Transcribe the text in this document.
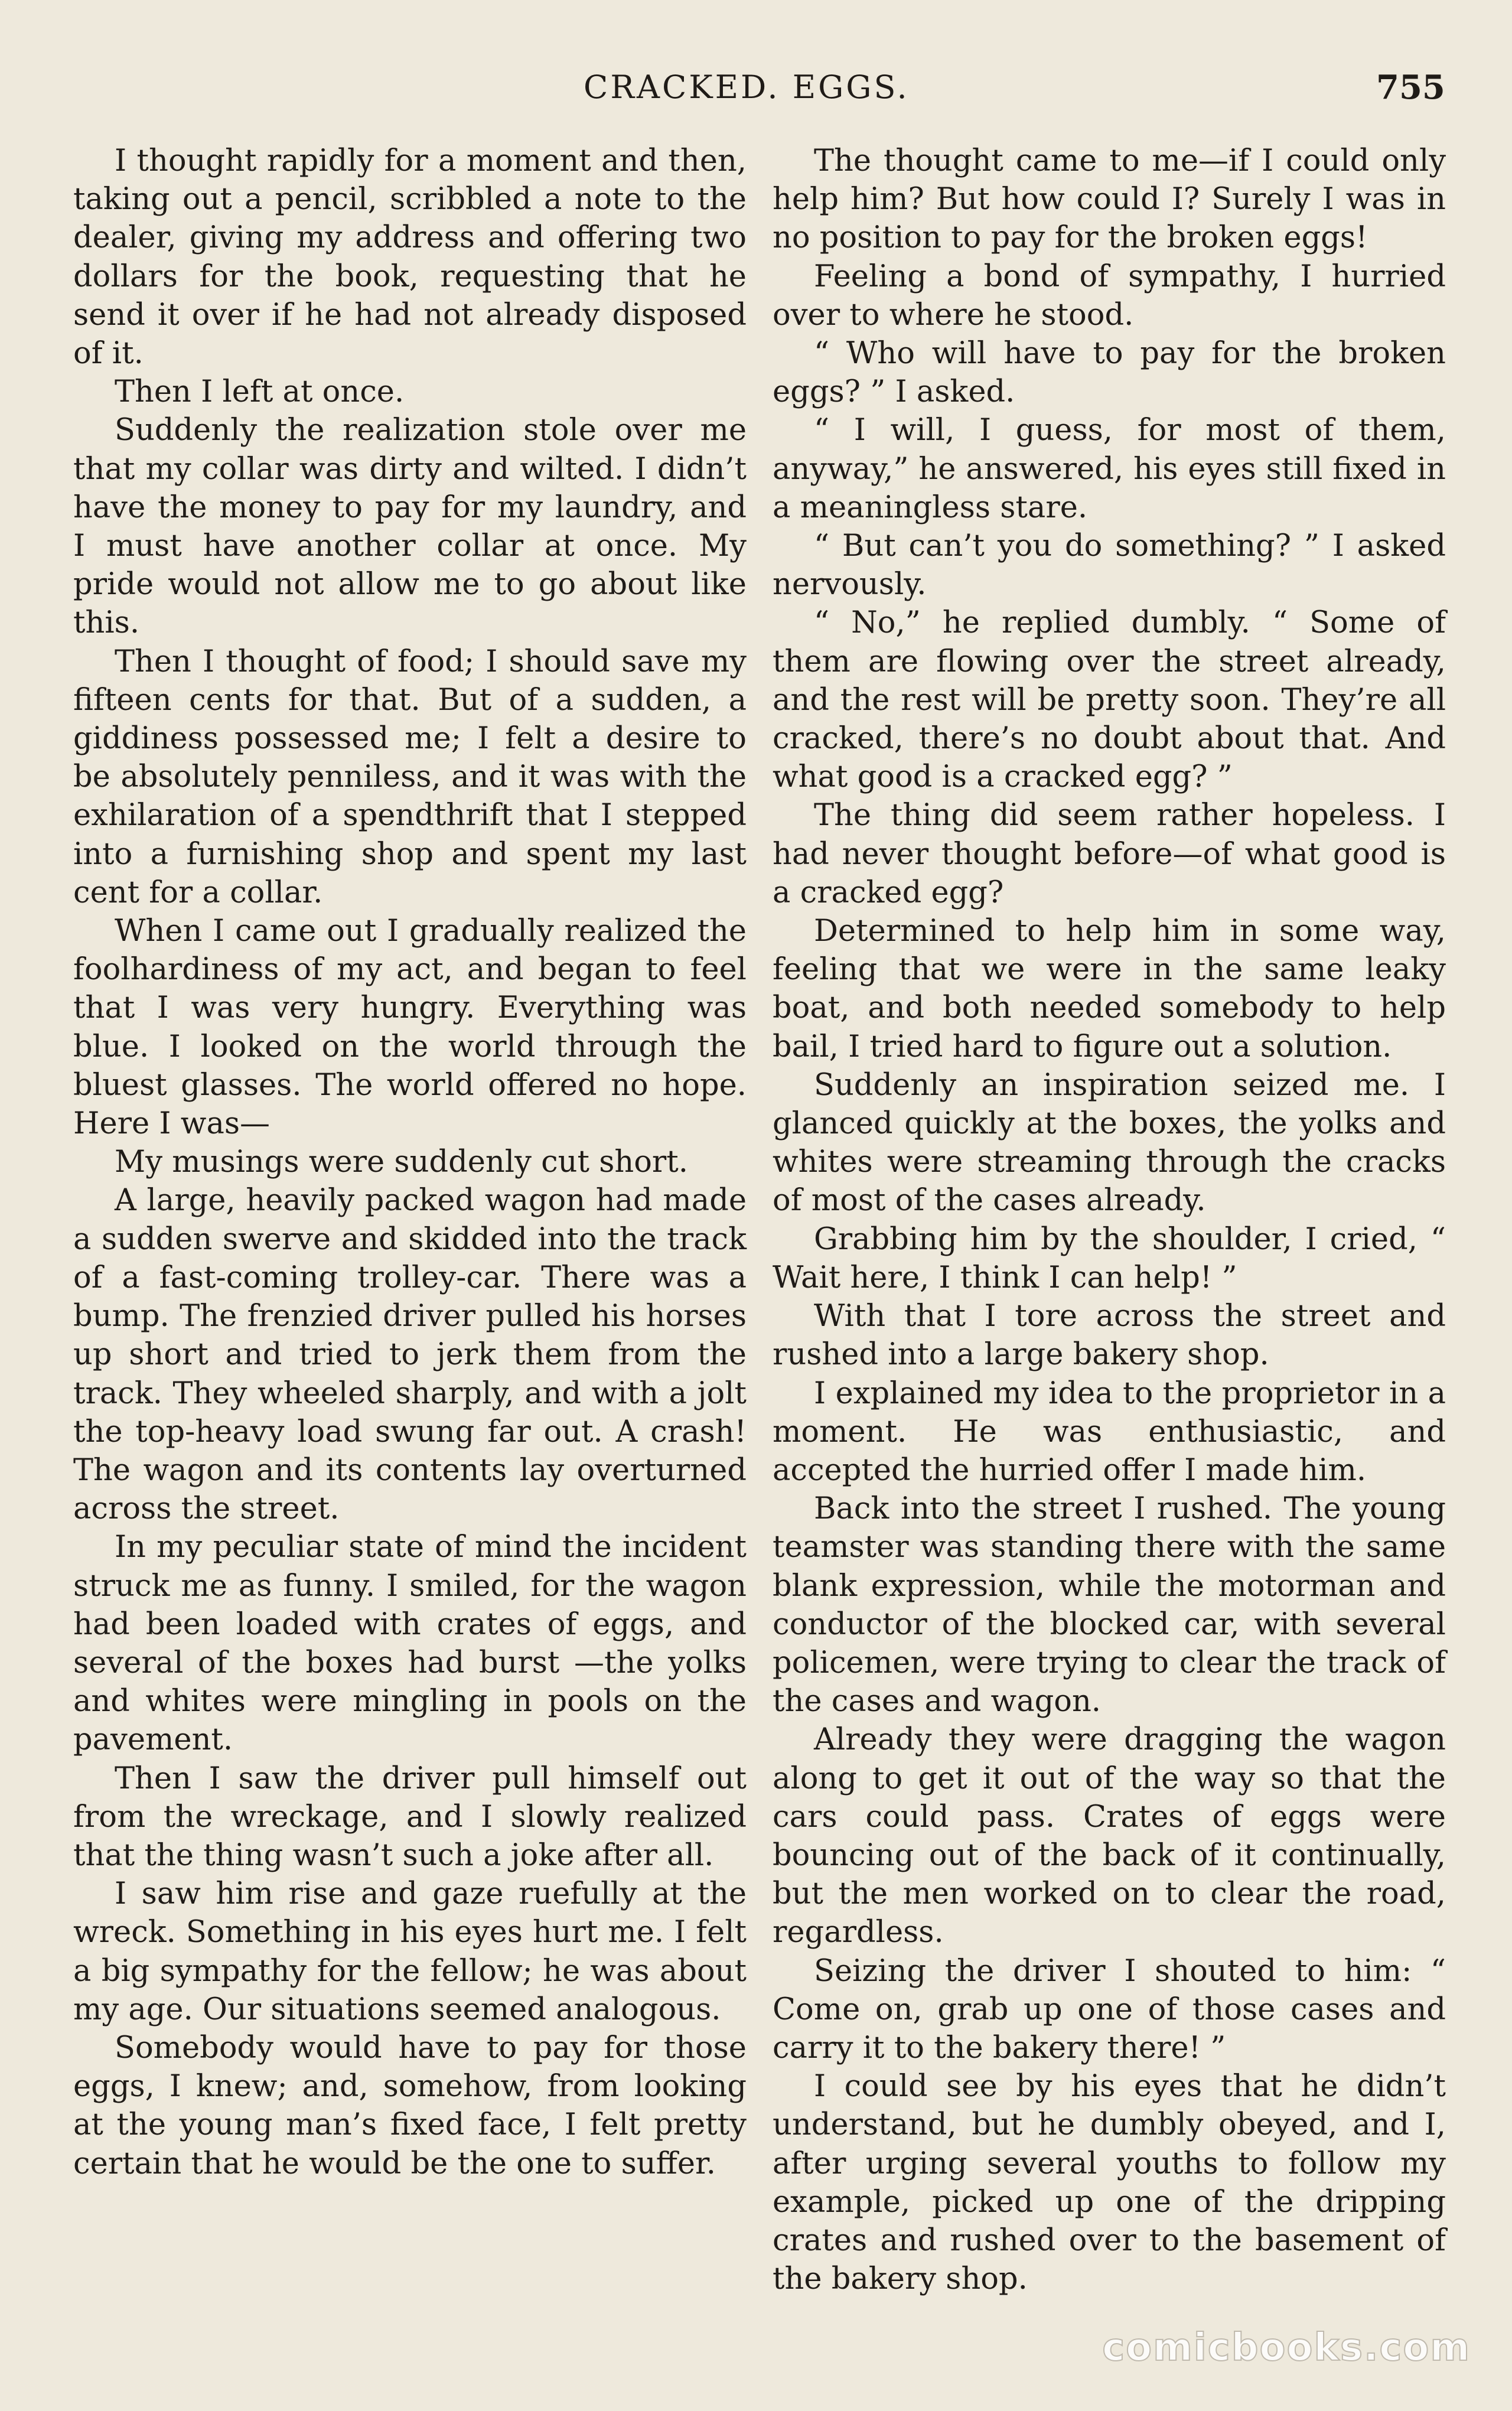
CRACKED. EGGS.	755

I thought rapidly for a moment and then, taking out a pencil, scribbled a note to the dealer, giving my address and offering two dollars for the book, requesting that he send it over if he had not already disposed of it.

Then I left at once.

Suddenly the realization stole over me that my collar was dirty and wilted. I didn’t have the money to pay for my laundry, and I must have another collar at once. My pride would not allow me to go about like this.

Then I thought of food; I should save my fifteen cents for that. But of a sudden, a giddiness possessed me; I felt a desire to be absolutely penniless, and it was with the exhilaration of a spendthrift that I stepped into a furnishing shop and spent my last cent for a collar.

When I came out I gradually realized the foolhardiness of my act, and began to feel that I was very hungry. Everything was blue. I looked on the world through the bluest glasses. The world offered no hope. Here I was—

My musings were suddenly cut short.

A large, heavily packed wagon had made a sudden swerve and skidded into the track of a fast-coming trolley-car. There was a bump. The frenzied driver pulled his horses up short and tried to jerk them from the track. They wheeled sharply, and with a jolt the top-heavy load swung far out. A crash! The wagon and its contents lay overturned across the street.

In my peculiar state of mind the incident struck me as funny. I smiled, for the wagon had been loaded with crates of eggs, and several of the boxes had burst —the yolks and whites were mingling in pools on the pavement.

Then I saw the driver pull himself out from the wreckage, and I slowly realized that the thing wasn’t such a joke after all.

I saw him rise and gaze ruefully at the wreck. Something in his eyes hurt me. I felt a big sympathy for the fellow; he was about my age. Our situations seemed analogous.

Somebody would have to pay for those eggs, I knew; and, somehow, from looking at the young man’s fixed face, I felt pretty certain that he would be the one to suffer.

The thought came to me—if I could only help him? But how could I? Surely I was in no position to pay for the broken eggs!

Feeling a bond of sympathy, I hurried over to where he stood.

“ Who will have to pay for the broken eggs? ” I asked.

“ I will, I guess, for most of them, anyway,” he answered, his eyes still fixed in a meaningless stare.

“ But can’t you do something? ” I asked nervously.

“ No,” he replied dumbly. “ Some of them are flowing over the street already, and the rest will be pretty soon. They’re all cracked, there’s no doubt about that. And what good is a cracked egg? ”

The thing did seem rather hopeless. I had never thought before—of what good is a cracked egg?

Determined to help him in some way, feeling that we were in the same leaky boat, and both needed somebody to help bail, I tried hard to figure out a solution.

Suddenly an inspiration seized me. I glanced quickly at the boxes, the yolks and whites were streaming through the cracks of most of the cases already.

Grabbing him by the shoulder, I cried, “ Wait here, I think I can help! ”

With that I tore across the street and rushed into a large bakery shop.

I explained my idea to the proprietor in a moment. He was enthusiastic, and accepted the hurried offer I made him.

Back into the street I rushed. The young teamster was standing there with the same blank expression, while the motorman and conductor of the blocked car, with several policemen, were trying to clear the track of the cases and wagon.

Already they were dragging the wagon along to get it out of the way so that the cars could pass. Crates of eggs were bouncing out of the back of it continually, but the men worked on to clear the road, regardless.

Seizing the driver I shouted to him: “ Come on, grab up one of those cases and carry it to the bakery there! ”

I could see by his eyes that he didn’t understand, but he dumbly obeyed, and I, after urging several youths to follow my example, picked up one of the dripping crates and rushed over to the basement of the bakery shop.

comicbooks.com
